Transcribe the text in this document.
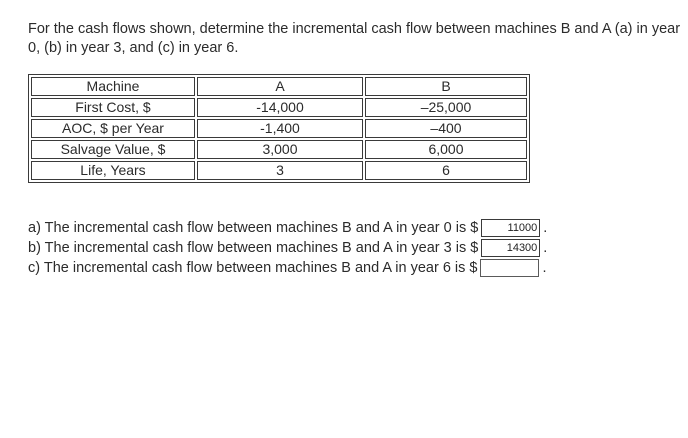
For the cash flows shown, determine the incremental cash flow between machines B and A (a) in year 0, (b) in year 3, and (c) in year 6.
Machine	A	B
First Cost, $	-14,000	–25,000
AOC, $ per Year	-1,400	–400
Salvage Value, $	3,000	6,000
Life, Years	3	6
a) The incremental cash flow between machines B and A in year 0 is $	11000 .
b) The incremental cash flow between machines B and A in year 3 is $	14300 .
c) The incremental cash flow between machines B and A in year 6 is $	.
